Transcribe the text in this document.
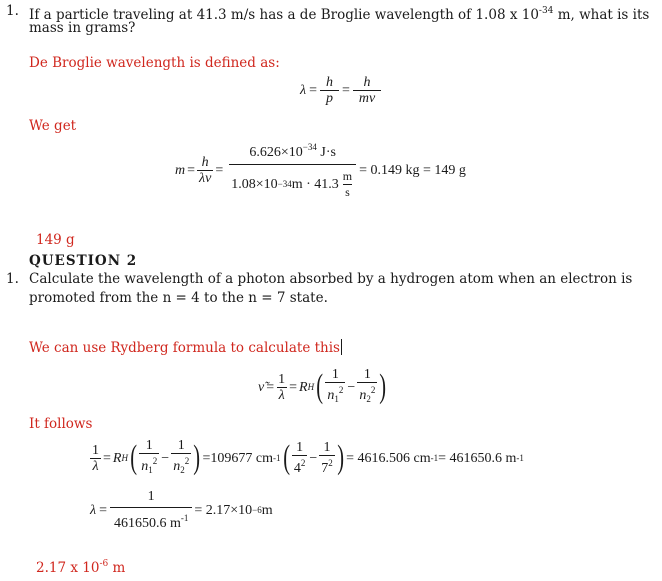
1. If a particle traveling at 41.3 m/s has a de Broglie wavelength of 1.08 x $10^{-34}$ m, what is its
mass in grams?
De Broglie wavelength is defined as:
$\lambda = \frac{h}{p} = \frac{h}{mv}$
We get
$m = \frac{h}{\lambda v} = \frac{6.626\times 10^{-34} J\cdot s}{1.08\times 10 -34 m \cdot 41.3 \frac{m}{s}} = 0.149$ kg = 149 g
149 g
QUESTION 2
1. Calculate the wavelength of a photon absorbed by a hydrogen atom when an electron is
promoted from the n = 4 to the n = 7 state.
We can use Rydberg formula to calculate this
ν̃ = $\frac{1}{\lambda} = R$ H ( $\frac{1}{n_1^2} - \frac{1}{n_2^2}$ )
It follows
$\frac{1}{\lambda} = R$ H ( $\frac{1}{n_1^2} - \frac{1}{n_2^2}$ ) =109677 cm -1 ( $\frac{1}{4^2} - \frac{1}{7^2}$ ) = 4616.506 cm -1 = 461650.6 m -1
$\lambda = \frac{1}{461650.6 m^{-1}} = 2.17\times 10 -6$ m
2.17 x $10^{-6}$ m
